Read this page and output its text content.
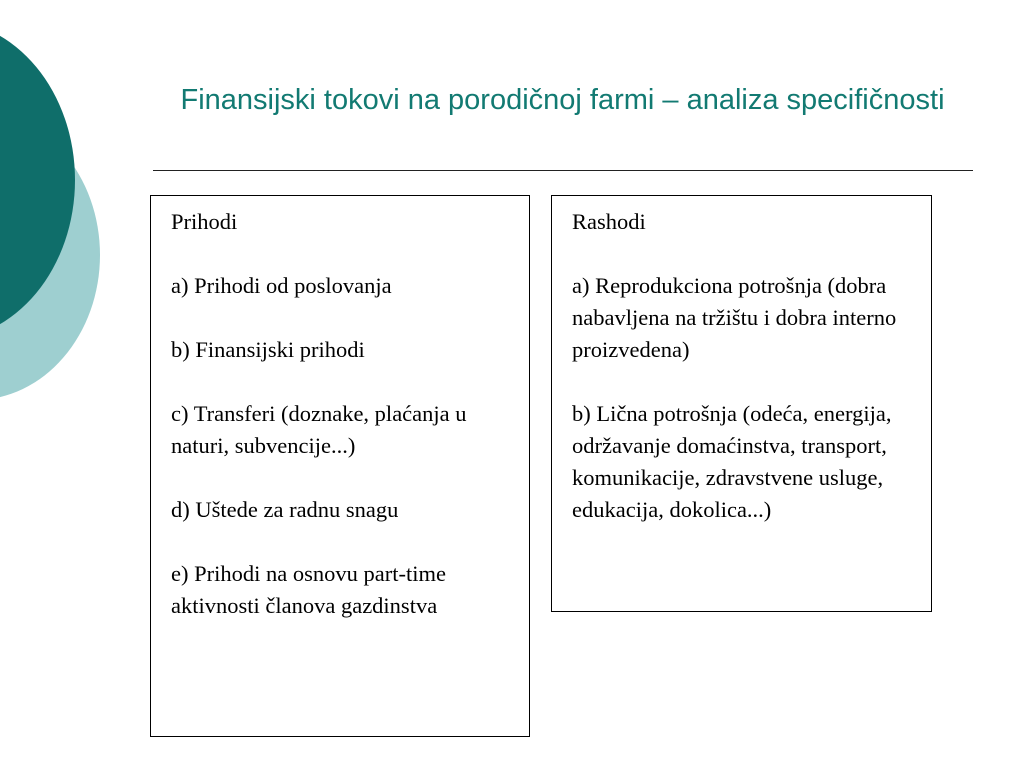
Finansijski tokovi na porodičnoj farmi – analiza specifičnosti

Prihodi

a) Prihodi od poslovanja

b) Finansijski prihodi

c) Transferi (doznake, plaćanja u naturi, subvencije...)

d) Uštede za radnu snagu

e) Prihodi na osnovu part-time aktivnosti članova gazdinstva

Rashodi

a) Reprodukciona potrošnja (dobra nabavljena na tržištu i dobra interno proizvedena)

b) Lična potrošnja (odeća, energija, održavanje domaćinstva, transport, komunikacije, zdravstvene usluge, edukacija, dokolica...)
